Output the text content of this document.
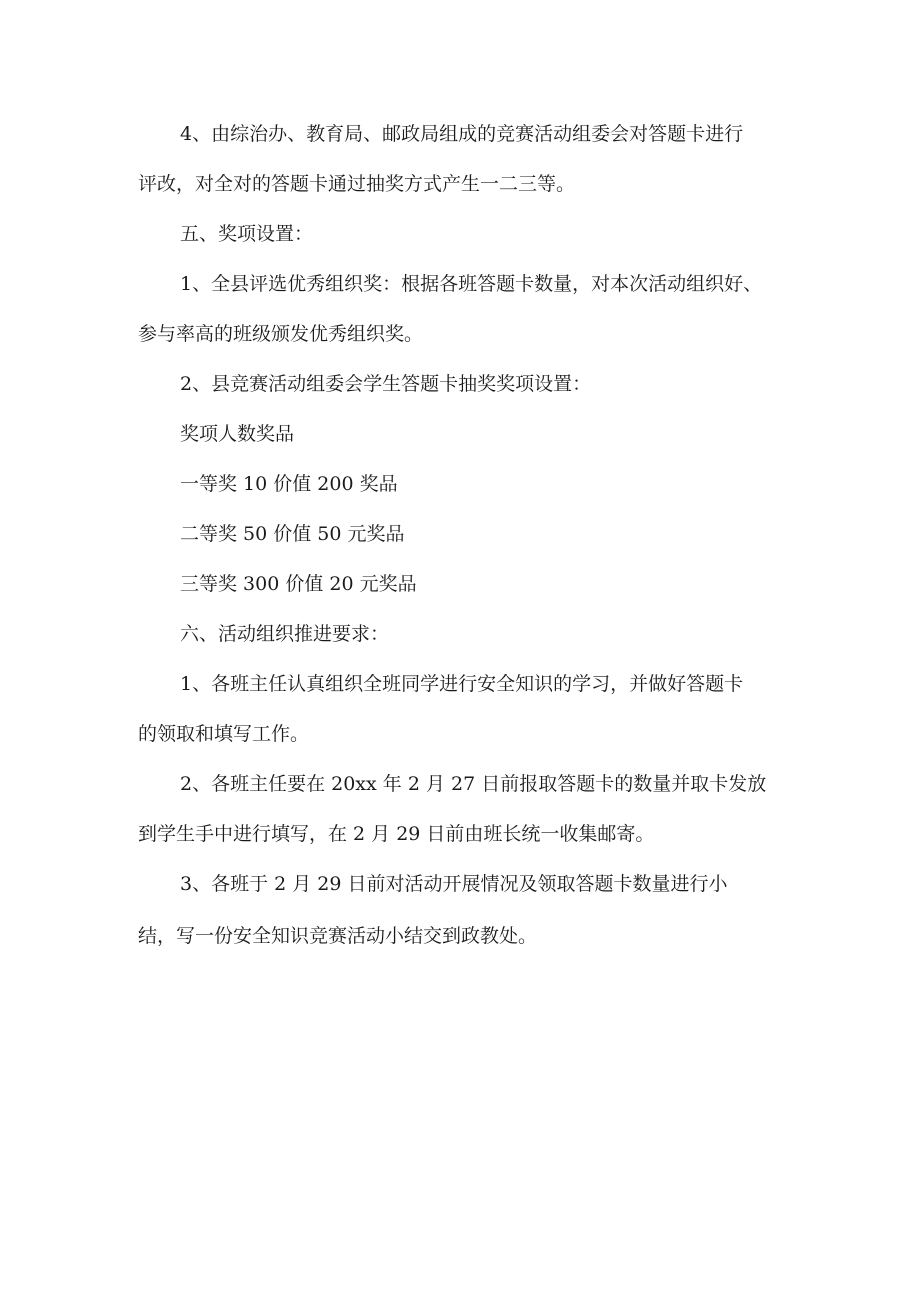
4、由综治办、教育局、邮政局组成的竞赛活动组委会对答题卡进行
评改，对全对的答题卡通过抽奖方式产生一二三等。
五、奖项设置：
1、全县评选优秀组织奖：根据各班答题卡数量，对本次活动组织好、
参与率高的班级颁发优秀组织奖。
2、县竞赛活动组委会学生答题卡抽奖奖项设置：
奖项人数奖品
一等奖 10 价值 200 奖品
二等奖 50 价值 50 元奖品
三等奖 300 价值 20 元奖品
六、活动组织推进要求：
1、各班主任认真组织全班同学进行安全知识的学习，并做好答题卡
的领取和填写工作。
2、各班主任要在 20xx 年 2 月 27 日前报取答题卡的数量并取卡发放
到学生手中进行填写，在 2 月 29 日前由班长统一收集邮寄。
3、各班于 2 月 29 日前对活动开展情况及领取答题卡数量进行小
结，写一份安全知识竞赛活动小结交到政教处。
